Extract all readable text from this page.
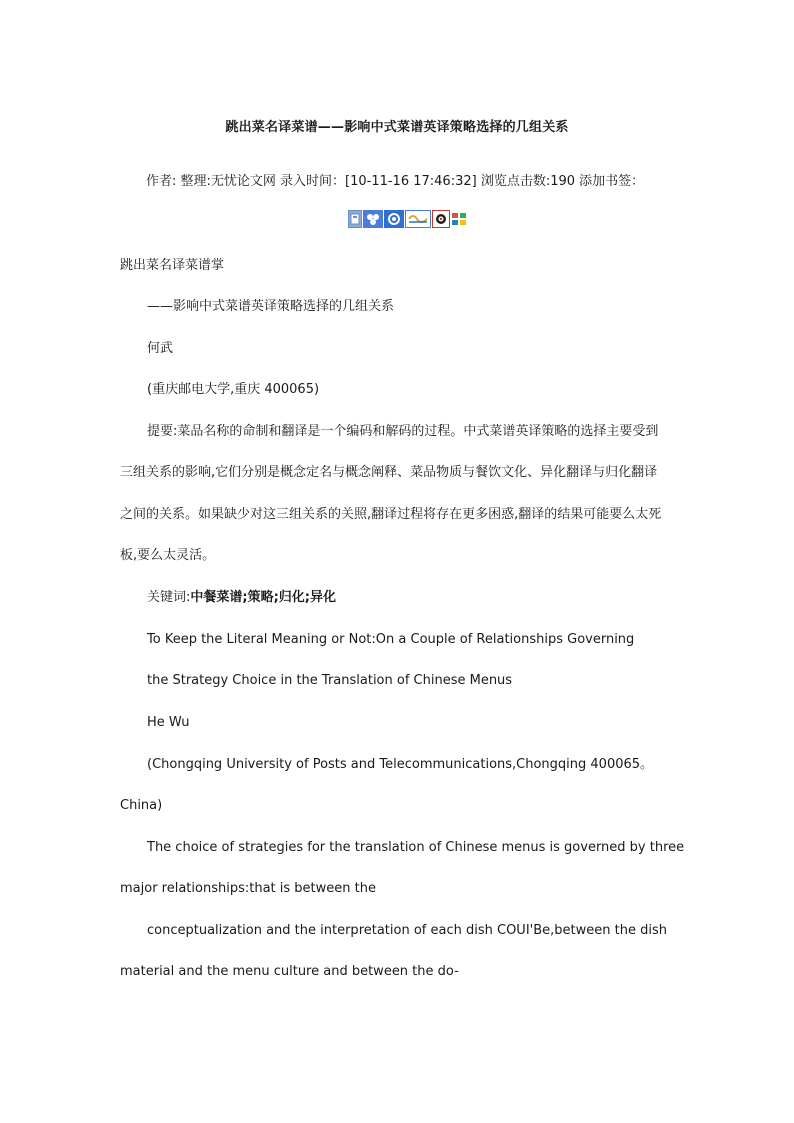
跳出菜名译菜谱——影响中式菜谱英译策略选择的几组关系
作者: 整理:无忧论文网 录入时间：[10-11-16 17:46:32] 浏览点击数:190 添加书签：
跳出菜名译菜谱掌
——影响中式菜谱英译策略选择的几组关系
何武
(重庆邮电大学,重庆 400065)
提要:菜品名称的命制和翻译是一个编码和解码的过程。中式菜谱英译策略的选择主要受到
三组关系的影响,它们分别是概念定名与概念阐释、菜品物质与餐饮文化、异化翻译与归化翻译
之间的关系。如果缺少对这三组关系的关照,翻译过程将存在更多困惑,翻译的结果可能要么太死
板,要么太灵活。
关键词:中餐菜谱;策略;归化;异化
To Keep the Literal Meaning or Not:On a Couple of Relationships Governing
the Strategy Choice in the Translation of Chinese Menus
He Wu
(Chongqing University of Posts and Telecommunications,Chongqing 400065。
China)
The choice of strategies for the translation of Chinese menus is governed by three
major relationships:that is between the
conceptualization and the interpretation of each dish COUI'Be,between the dish
material and the menu culture and between the do-
